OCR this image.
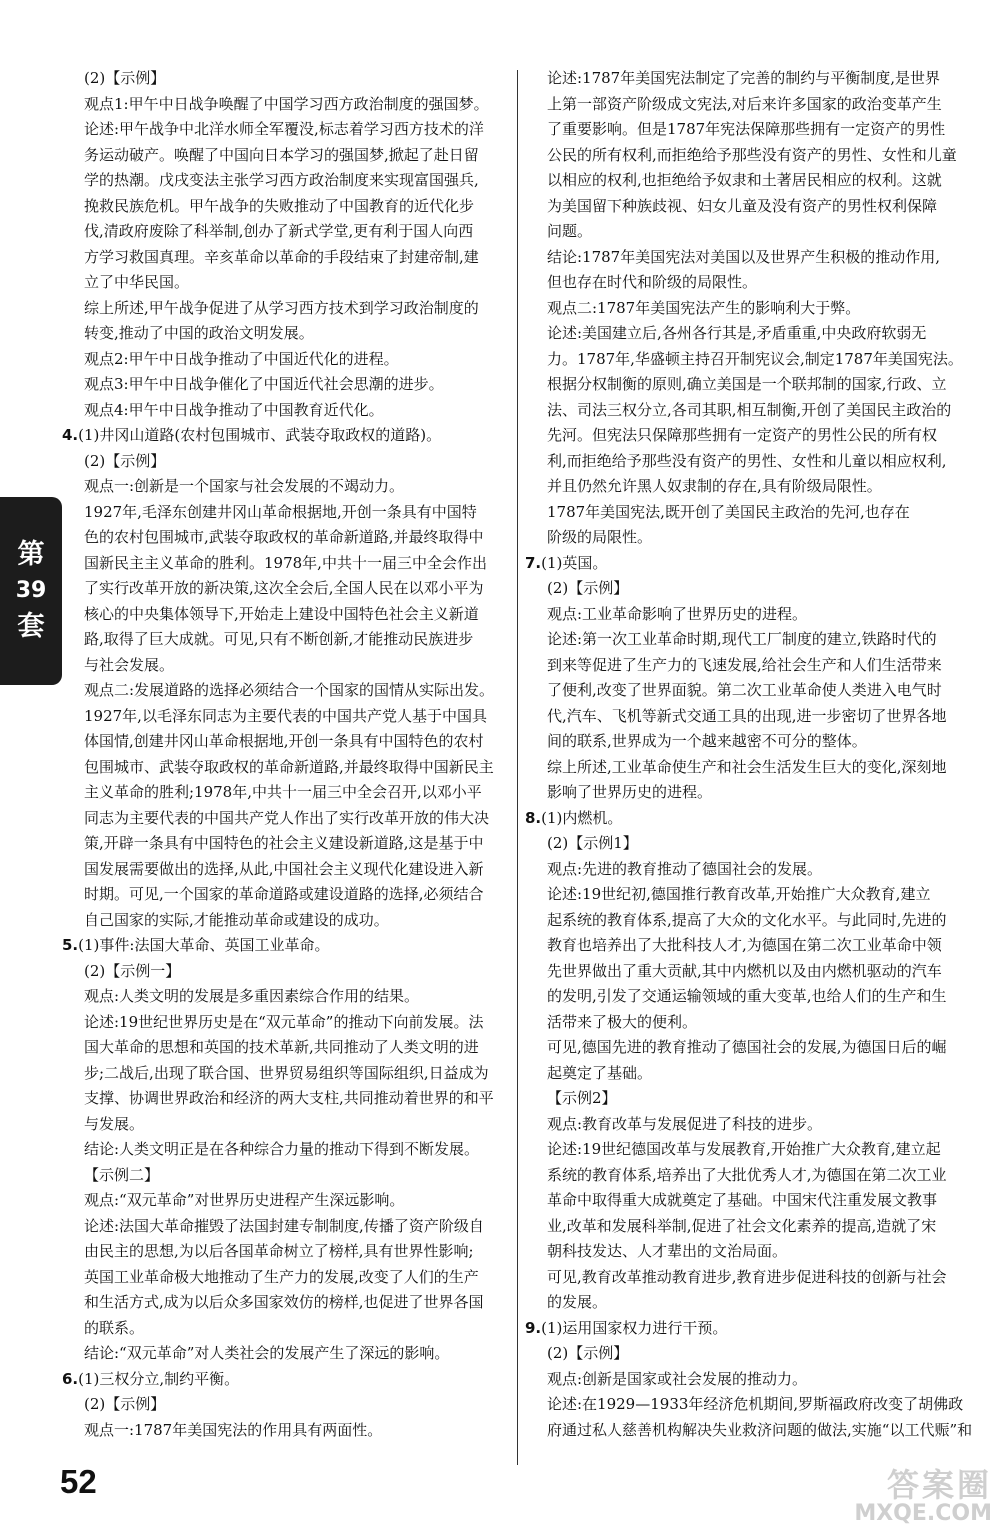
(2)【示例】
观点1:甲午中日战争唤醒了中国学习西方政治制度的强国梦。
论述:甲午战争中北洋水师全军覆没,标志着学习西方技术的洋
务运动破产。唤醒了中国向日本学习的强国梦,掀起了赴日留
学的热潮。戊戌变法主张学习西方政治制度来实现富国强兵,
挽救民族危机。甲午战争的失败推动了中国教育的近代化步
伐,清政府废除了科举制,创办了新式学堂,更有利于国人向西
方学习救国真理。辛亥革命以革命的手段结束了封建帝制,建
立了中华民国。
综上所述,甲午战争促进了从学习西方技术到学习政治制度的
转变,推动了中国的政治文明发展。
观点2:甲午中日战争推动了中国近代化的进程。
观点3:甲午中日战争催化了中国近代社会思潮的进步。
观点4:甲午中日战争推动了中国教育近代化。
4.(1)井冈山道路(农村包围城市、武装夺取政权的道路)。
(2)【示例】
观点一:创新是一个国家与社会发展的不竭动力。
1927年,毛泽东创建井冈山革命根据地,开创一条具有中国特
色的农村包围城市,武装夺取政权的革命新道路,并最终取得中
国新民主主义革命的胜利。1978年,中共十一届三中全会作出
了实行改革开放的新决策,这次全会后,全国人民在以邓小平为
核心的中央集体领导下,开始走上建设中国特色社会主义新道
路,取得了巨大成就。可见,只有不断创新,才能推动民族进步
与社会发展。
观点二:发展道路的选择必须结合一个国家的国情从实际出发。
1927年,以毛泽东同志为主要代表的中国共产党人基于中国具
体国情,创建井冈山革命根据地,开创一条具有中国特色的农村
包围城市、武装夺取政权的革命新道路,并最终取得中国新民主
主义革命的胜利;1978年,中共十一届三中全会召开,以邓小平
同志为主要代表的中国共产党人作出了实行改革开放的伟大决
策,开辟一条具有中国特色的社会主义建设新道路,这是基于中
国发展需要做出的选择,从此,中国社会主义现代化建设进入新
时期。可见,一个国家的革命道路或建设道路的选择,必须结合
自己国家的实际,才能推动革命或建设的成功。
5.(1)事件:法国大革命、英国工业革命。
(2)【示例一】
观点:人类文明的发展是多重因素综合作用的结果。
论述:19世纪世界历史是在“双元革命”的推动下向前发展。法
国大革命的思想和英国的技术革新,共同推动了人类文明的进
步;二战后,出现了联合国、世界贸易组织等国际组织,日益成为
支撑、协调世界政治和经济的两大支柱,共同推动着世界的和平
与发展。
结论:人类文明正是在各种综合力量的推动下得到不断发展。
【示例二】
观点:“双元革命”对世界历史进程产生深远影响。
论述:法国大革命摧毁了法国封建专制制度,传播了资产阶级自
由民主的思想,为以后各国革命树立了榜样,具有世界性影响;
英国工业革命极大地推动了生产力的发展,改变了人们的生产
和生活方式,成为以后众多国家效仿的榜样,也促进了世界各国
的联系。
结论:“双元革命”对人类社会的发展产生了深远的影响。
6.(1)三权分立,制约平衡。
(2)【示例】
观点一:1787年美国宪法的作用具有两面性。
论述:1787年美国宪法制定了完善的制约与平衡制度,是世界
上第一部资产阶级成文宪法,对后来许多国家的政治变革产生
了重要影响。但是1787年宪法保障那些拥有一定资产的男性
公民的所有权利,而拒绝给予那些没有资产的男性、女性和儿童
以相应的权利,也拒绝给予奴隶和土著居民相应的权利。这就
为美国留下种族歧视、妇女儿童及没有资产的男性权利保障
问题。
结论:1787年美国宪法对美国以及世界产生积极的推动作用,
但也存在时代和阶级的局限性。
观点二:1787年美国宪法产生的影响利大于弊。
论述:美国建立后,各州各行其是,矛盾重重,中央政府软弱无
力。1787年,华盛顿主持召开制宪议会,制定1787年美国宪法。
根据分权制衡的原则,确立美国是一个联邦制的国家,行政、立
法、司法三权分立,各司其职,相互制衡,开创了美国民主政治的
先河。但宪法只保障那些拥有一定资产的男性公民的所有权
利,而拒绝给予那些没有资产的男性、女性和儿童以相应权利,
并且仍然允许黑人奴隶制的存在,具有阶级局限性。
1787年美国宪法,既开创了美国民主政治的先河,也存在
阶级的局限性。
7.(1)英国。
(2)【示例】
观点:工业革命影响了世界历史的进程。
论述:第一次工业革命时期,现代工厂制度的建立,铁路时代的
到来等促进了生产力的飞速发展,给社会生产和人们生活带来
了便利,改变了世界面貌。第二次工业革命使人类进入电气时
代,汽车、飞机等新式交通工具的出现,进一步密切了世界各地
间的联系,世界成为一个越来越密不可分的整体。
综上所述,工业革命使生产和社会生活发生巨大的变化,深刻地
影响了世界历史的进程。
8.(1)内燃机。
(2)【示例1】
观点:先进的教育推动了德国社会的发展。
论述:19世纪初,德国推行教育改革,开始推广大众教育,建立
起系统的教育体系,提高了大众的文化水平。与此同时,先进的
教育也培养出了大批科技人才,为德国在第二次工业革命中领
先世界做出了重大贡献,其中内燃机以及由内燃机驱动的汽车
的发明,引发了交通运输领域的重大变革,也给人们的生产和生
活带来了极大的便利。
可见,德国先进的教育推动了德国社会的发展,为德国日后的崛
起奠定了基础。
【示例2】
观点:教育改革与发展促进了科技的进步。
论述:19世纪德国改革与发展教育,开始推广大众教育,建立起
系统的教育体系,培养出了大批优秀人才,为德国在第二次工业
革命中取得重大成就奠定了基础。中国宋代注重发展文教事
业,改革和发展科举制,促进了社会文化素养的提高,造就了宋
朝科技发达、人才辈出的文治局面。
可见,教育改革推动教育进步,教育进步促进科技的创新与社会
的发展。
9.(1)运用国家权力进行干预。
(2)【示例】
观点:创新是国家或社会发展的推动力。
论述:在1929—1933年经济危机期间,罗斯福政府改变了胡佛政
府通过私人慈善机构解决失业救济问题的做法,实施“以工代赈”和
第
39
套
52	答案圈
MXQE.COM
